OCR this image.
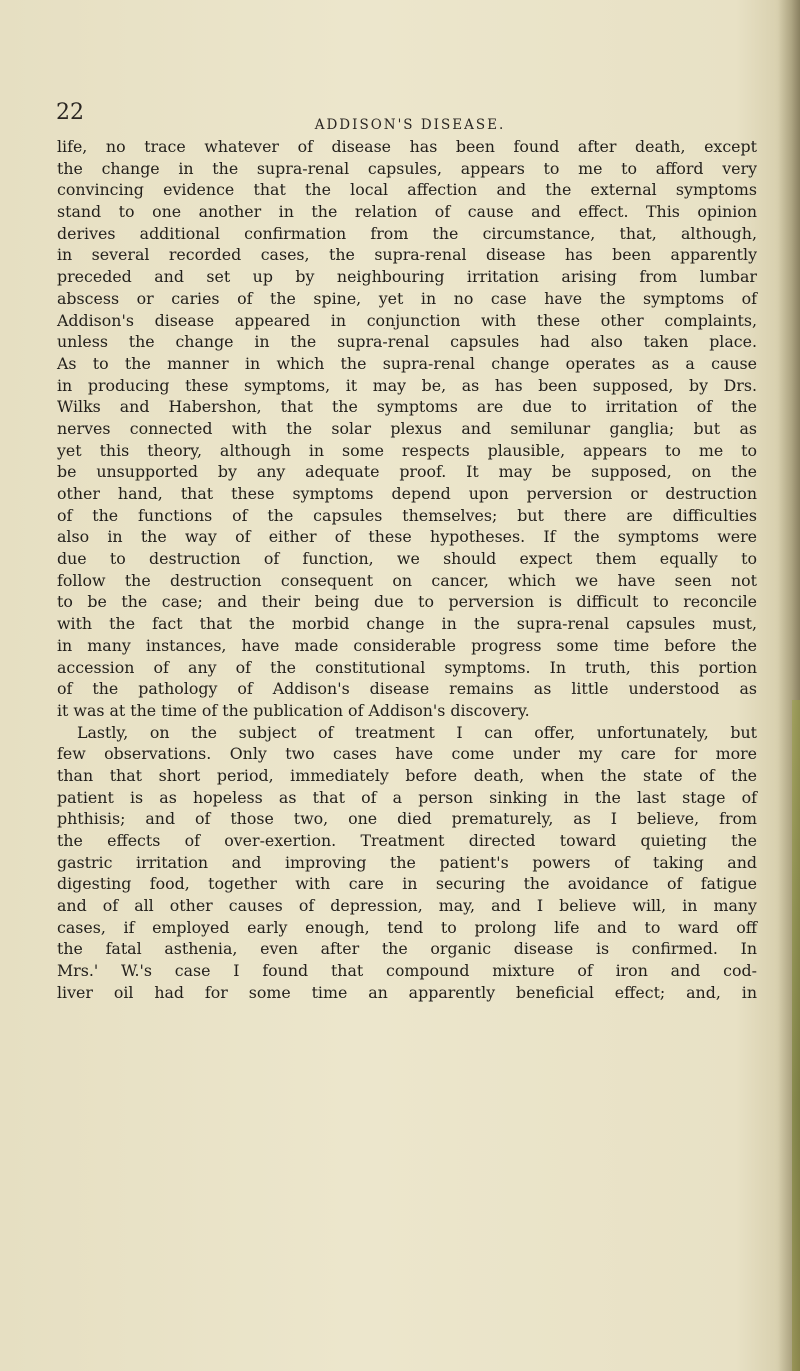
22	ADDISON'S DISEASE.
life, no trace whatever of disease has been found after death, except
the change in the supra-renal capsules, appears to me to afford very
convincing evidence that the local affection and the external symptoms
stand to one another in the relation of cause and effect. This opinion
derives additional confirmation from the circumstance, that, although,
in several recorded cases, the supra-renal disease has been apparently
preceded and set up by neighbouring irritation arising from lumbar
abscess or caries of the spine, yet in no case have the symptoms of
Addison's disease appeared in conjunction with these other complaints,
unless the change in the supra-renal capsules had also taken place.
As to the manner in which the supra-renal change operates as a cause
in producing these symptoms, it may be, as has been supposed, by Drs.
Wilks and Habershon, that the symptoms are due to irritation of the
nerves connected with the solar plexus and semilunar ganglia; but as
yet this theory, although in some respects plausible, appears to me to
be unsupported by any adequate proof. It may be supposed, on the
other hand, that these symptoms depend upon perversion or destruction
of the functions of the capsules themselves; but there are difficulties
also in the way of either of these hypotheses. If the symptoms were
due to destruction of function, we should expect them equally to
follow the destruction consequent on cancer, which we have seen not
to be the case; and their being due to perversion is difficult to reconcile
with the fact that the morbid change in the supra-renal capsules must,
in many instances, have made considerable progress some time before the
accession of any of the constitutional symptoms. In truth, this portion
of the pathology of Addison's disease remains as little understood as
it was at the time of the publication of Addison's discovery.
Lastly, on the subject of treatment I can offer, unfortunately, but
few observations. Only two cases have come under my care for more
than that short period, immediately before death, when the state of the
patient is as hopeless as that of a person sinking in the last stage of
phthisis; and of those two, one died prematurely, as I believe, from
the effects of over-exertion. Treatment directed toward quieting the
gastric irritation and improving the patient's powers of taking and
digesting food, together with care in securing the avoidance of fatigue
and of all other causes of depression, may, and I believe will, in many
cases, if employed early enough, tend to prolong life and to ward off
the fatal asthenia, even after the organic disease is confirmed. In
Mrs.' W.'s case I found that compound mixture of iron and cod-
liver oil had for some time an apparently beneficial effect; and, in
